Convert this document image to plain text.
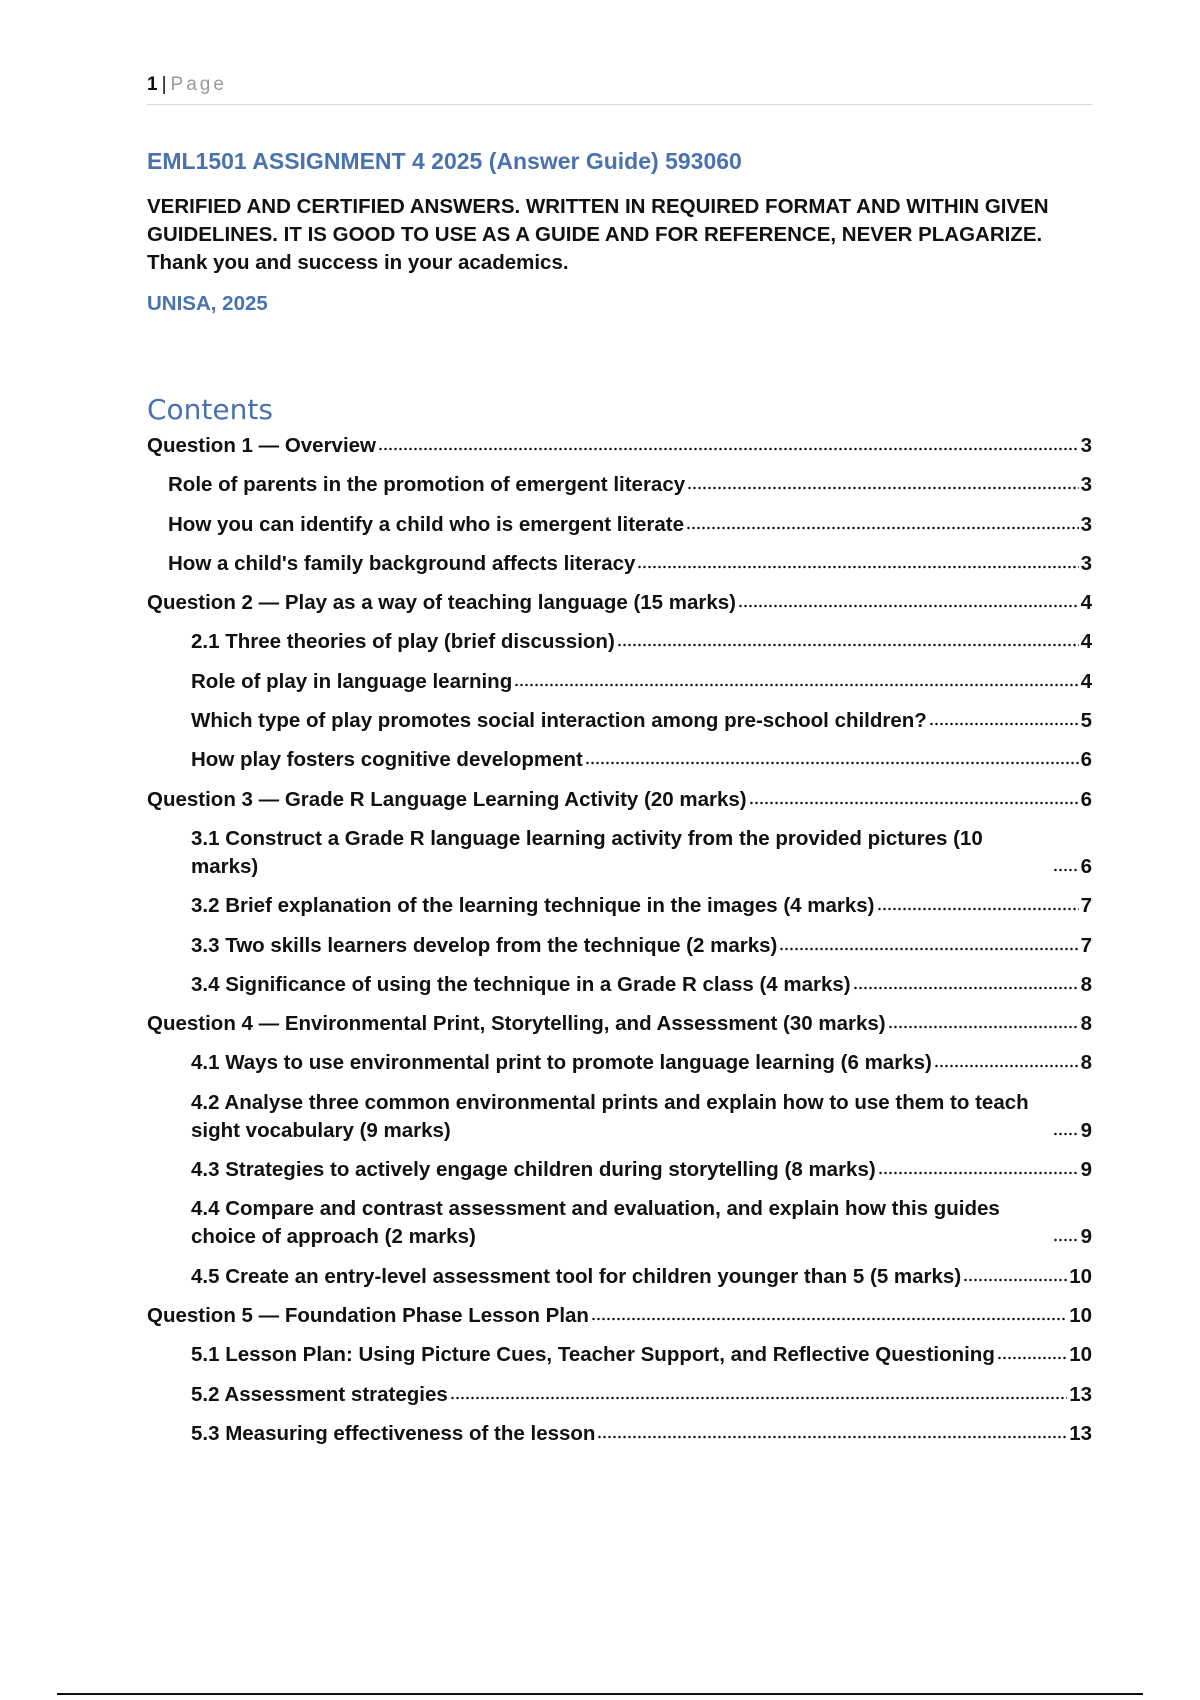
1 | Page
EML1501 ASSIGNMENT 4 2025 (Answer Guide) 593060

VERIFIED AND CERTIFIED ANSWERS. WRITTEN IN REQUIRED FORMAT AND WITHIN GIVEN GUIDELINES. IT IS GOOD TO USE AS A GUIDE AND FOR REFERENCE, NEVER PLAGARIZE. Thank you and success in your academics.

UNISA, 2025
Contents
Question 1 — Overview	3
Role of parents in the promotion of emergent literacy	3
How you can identify a child who is emergent literate	3
How a child's family background affects literacy	3
Question 2 — Play as a way of teaching language (15 marks)	4
2.1 Three theories of play (brief discussion)	4
Role of play in language learning	4
Which type of play promotes social interaction among pre-school children?	5
How play fosters cognitive development	6
Question 3 — Grade R Language Learning Activity (20 marks)	6
3.1 Construct a Grade R language learning activity from the provided pictures (10 marks)	6
3.2 Brief explanation of the learning technique in the images (4 marks)	7
3.3 Two skills learners develop from the technique (2 marks)	7
3.4 Significance of using the technique in a Grade R class (4 marks)	8
Question 4 — Environmental Print, Storytelling, and Assessment (30 marks)	8
4.1 Ways to use environmental print to promote language learning (6 marks)	8
4.2 Analyse three common environmental prints and explain how to use them to teach sight vocabulary (9 marks)	9
4.3 Strategies to actively engage children during storytelling (8 marks)	9
4.4 Compare and contrast assessment and evaluation, and explain how this guides choice of approach (2 marks)	9
4.5 Create an entry-level assessment tool for children younger than 5 (5 marks)	10
Question 5 — Foundation Phase Lesson Plan	10
5.1 Lesson Plan: Using Picture Cues, Teacher Support, and Reflective Questioning	10
5.2 Assessment strategies	13
5.3 Measuring effectiveness of the lesson	13
